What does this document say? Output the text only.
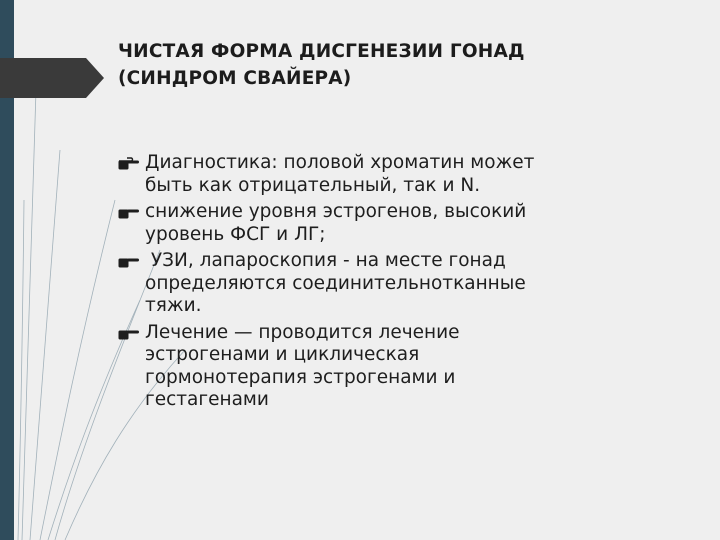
ЧИСТАЯ ФОРМА ДИСГЕНЕЗИИ ГОНАД
(СИНДРОМ СВАЙЕРА)
Диагностика: половой хроматин может
быть как отрицательный, так и N.
снижение уровня эстрогенов, высокий
уровень ФСГ и ЛГ;
УЗИ, лапароскопия - на месте гонад
определяются соединительнотканные
тяжи.
Лечение — проводится лечение
эстрогенами и циклическая
гормонотерапия эстрогенами и
гестагенами
